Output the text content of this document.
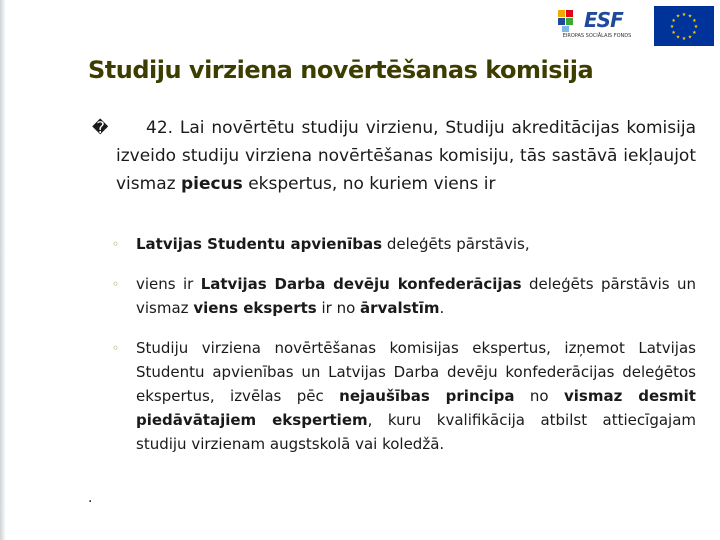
ESF
EIROPAS SOCIĀLAIS FONDS
★
★
★
★
★
★
★
★
★ ★ ★
★
Studiju virziena novērtēšanas komisija
�	42. Lai novērtētu studiju virzienu, Studiju akreditācijas komisija izveido studiju virziena novērtēšanas komisiju, tās sastāvā iekļaujot vismaz piecus ekspertus, no kuriem viens ir
◦ Latvijas Studentu apvienības deleģēts pārstāvis,
◦ viens ir Latvijas Darba devēju konfederācijas deleģēts pārstāvis un vismaz viens eksperts ir no ārvalstīm.
◦ Studiju virziena novērtēšanas komisijas ekspertus, izņemot Latvijas Studentu apvienības un Latvijas Darba devēju konfederācijas deleģētos ekspertus, izvēlas pēc nejaušības principa no vismaz desmit piedāvātajiem ekspertiem, kuru kvalifikācija atbilst attiecīgajam studiju virzienam augstskolā vai koledžā.
.
